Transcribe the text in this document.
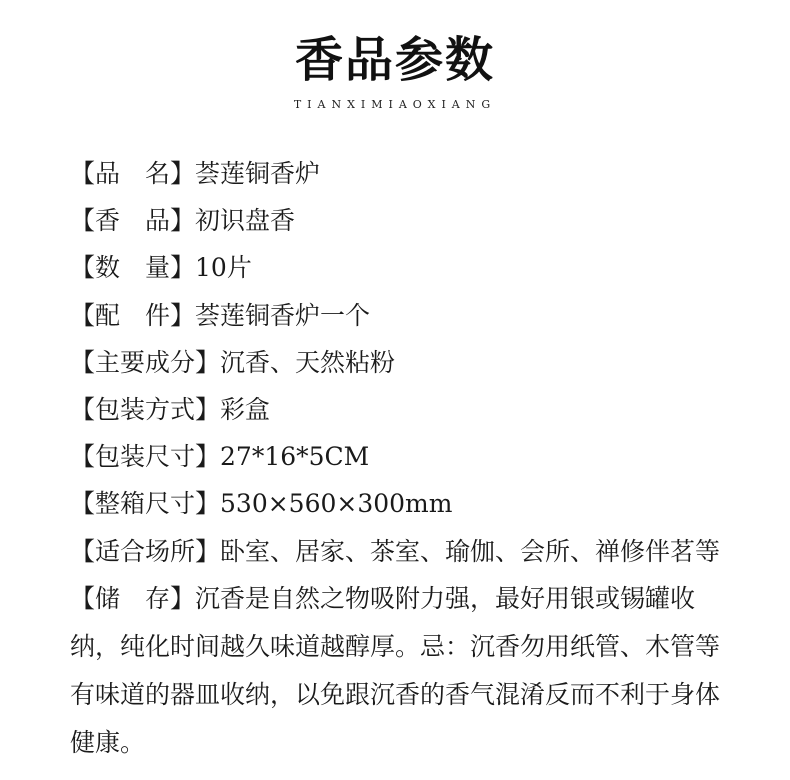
香品参数
TIANXIMIAOXIANG
【品　名】荟莲铜香炉
【香　品】初识盘香
【数　量】10片
【配　件】荟莲铜香炉一个
【主要成分】沉香、天然粘粉
【包装方式】彩盒
【包装尺寸】27*16*5CM
【整箱尺寸】530×560×300mm
【适合场所】卧室、居家、茶室、瑜伽、会所、禅修伴茗等
【储　存】沉香是自然之物吸附力强，最好用银或锡罐收纳，纯化时间越久味道越醇厚。忌：沉香勿用纸管、木管等有味道的器皿收纳，以免跟沉香的香气混淆反而不利于身体健康。
